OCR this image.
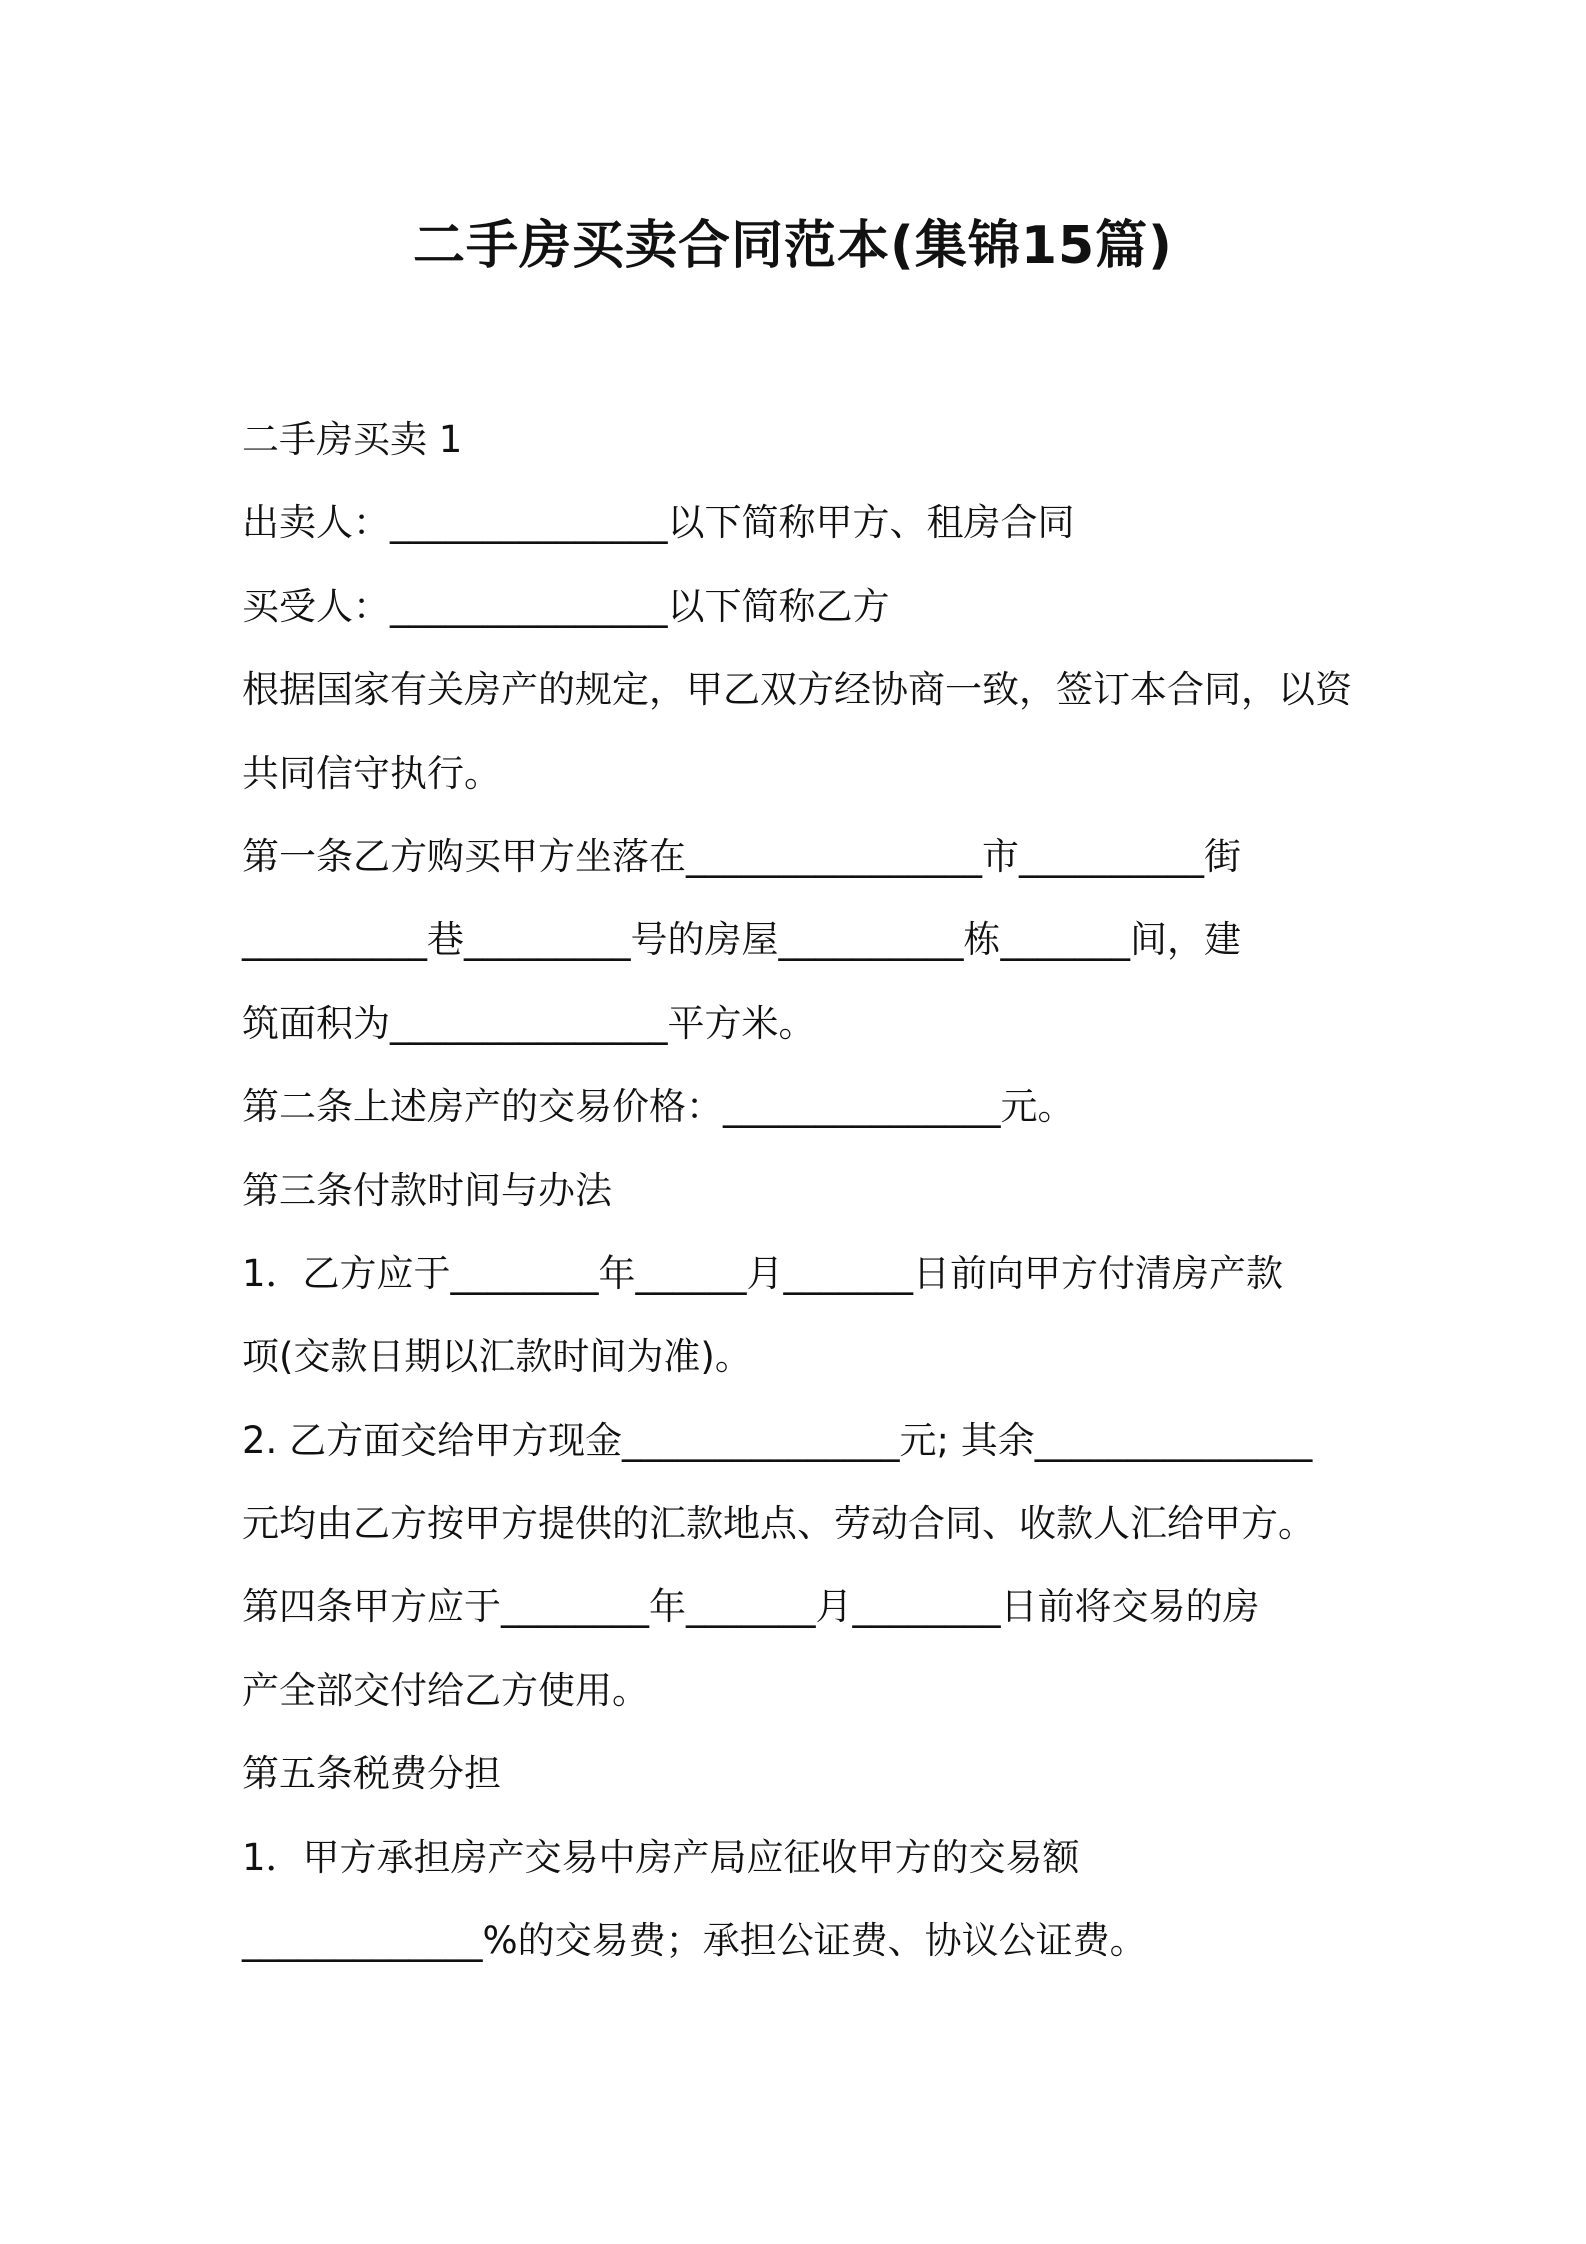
二手房买卖合同范本(集锦15篇)
二手房买卖 1
出卖人：_______________以下简称甲方、租房合同
买受人：_______________以下简称乙方
根据国家有关房产的规定，甲乙双方经协商一致，签订本合同，以资
共同信守执行。
第一条乙方购买甲方坐落在________________市__________街
__________巷_________号的房屋__________栋_______间，建
筑面积为_______________平方米。
第二条上述房产的交易价格：_______________元。
第三条付款时间与办法
1．乙方应于________年______月_______日前向甲方付清房产款
项(交款日期以汇款时间为准)。
2. 乙方面交给甲方现金_______________元; 其余_______________
元均由乙方按甲方提供的汇款地点、劳动合同、收款人汇给甲方。
第四条甲方应于________年_______月________日前将交易的房
产全部交付给乙方使用。
第五条税费分担
1．甲方承担房产交易中房产局应征收甲方的交易额
_____________%的交易费；承担公证费、协议公证费。
